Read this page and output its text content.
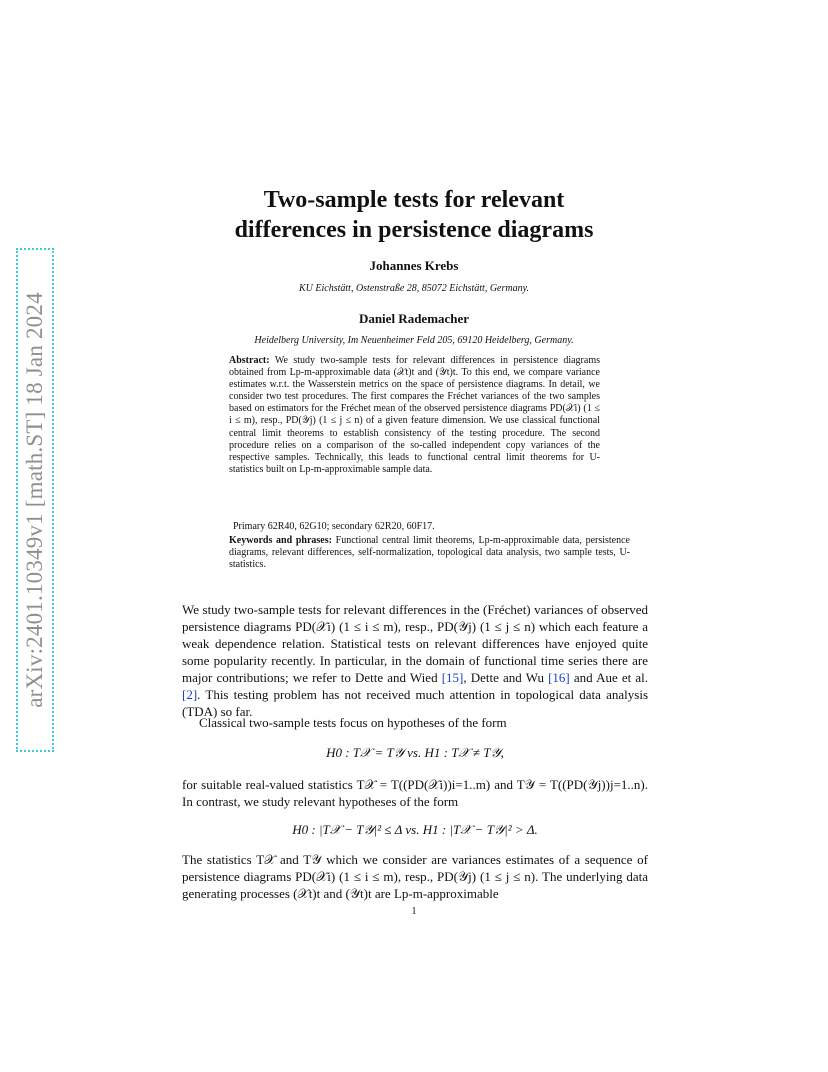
arXiv:2401.10349v1 [math.ST] 18 Jan 2024
Two-sample tests for relevant
differences in persistence diagrams
Johannes Krebs
KU Eichstätt, Ostenstraße 28, 85072 Eichstätt, Germany.
Daniel Rademacher
Heidelberg University, Im Neuenheimer Feld 205, 69120 Heidelberg, Germany.

Abstract: We study two-sample tests for relevant differences in persistence diagrams obtained from Lp-m-approximable data (𝒳t)t and (𝒴t)t. To this end, we compare variance estimates w.r.t. the Wasserstein metrics on the space of persistence diagrams. In detail, we consider two test procedures. The first compares the Fréchet variances of the two samples based on estimators for the Fréchet mean of the observed persistence diagrams PD(𝒳i) (1 ≤ i ≤ m), resp., PD(𝒴j) (1 ≤ j ≤ n) of a given feature dimension. We use classical functional central limit theorems to establish consistency of the testing procedure. The second procedure relies on a comparison of the so-called independent copy variances of the respective samples. Technically, this leads to functional central limit theorems for U-statistics built on Lp-m-approximable sample data.

Primary 62R40, 62G10; secondary 62R20, 60F17.

Keywords and phrases: Functional central limit theorems, Lp-m-approximable data, persistence diagrams, relevant differences, self-normalization, topological data analysis, two sample tests, U-statistics.

We study two-sample tests for relevant differences in the (Fréchet) variances of observed persistence diagrams PD(𝒳i) (1 ≤ i ≤ m), resp., PD(𝒴j) (1 ≤ j ≤ n) which each feature a weak dependence relation. Statistical tests on relevant differences have enjoyed quite some popularity recently. In particular, in the domain of functional time series there are major contributions; we refer to Dette and Wied [15], Dette and Wu [16] and Aue et al. [2]. This testing problem has not received much attention in topological data analysis (TDA) so far.

Classical two-sample tests focus on hypotheses of the form

H0 : T𝒳 = T𝒴 vs. H1 : T𝒳 ≠ T𝒴,

for suitable real-valued statistics T𝒳 = T((PD(𝒳i))i=1..m) and T𝒴 = T((PD(𝒴j))j=1..n). In contrast, we study relevant hypotheses of the form

H0 : |T𝒳 − T𝒴|² ≤ Δ vs. H1 : |T𝒳 − T𝒴|² > Δ.

The statistics T𝒳 and T𝒴 which we consider are variances estimates of a sequence of persistence diagrams PD(𝒳i) (1 ≤ i ≤ m), resp., PD(𝒴j) (1 ≤ j ≤ n). The underlying data generating processes (𝒳t)t and (𝒴t)t are Lp-m-approximable

1
